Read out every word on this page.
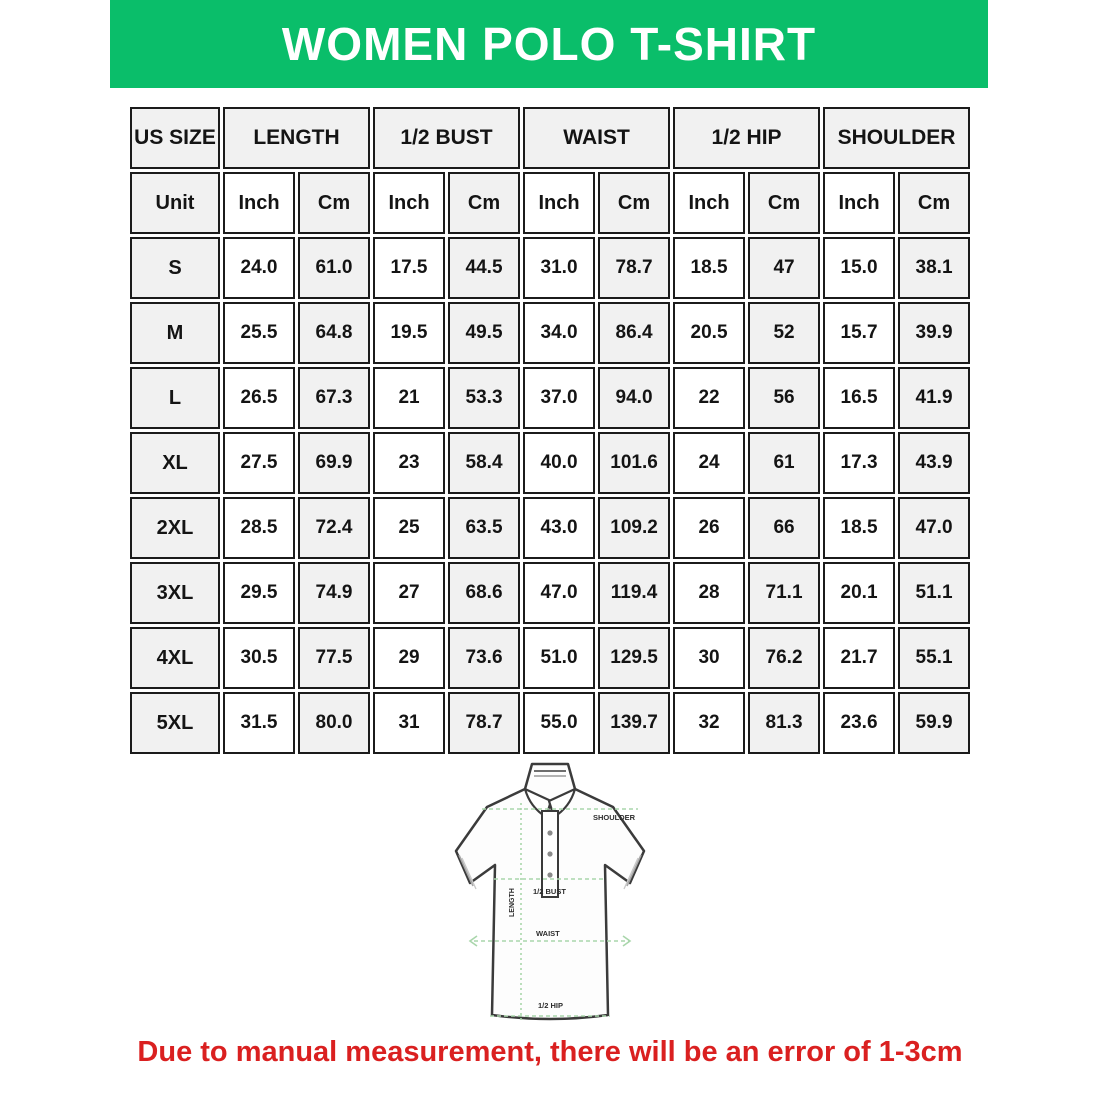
WOMEN POLO T-SHIRT
US SIZE	LENGTH		1/2 BUST		WAIST		1/2 HIP		SHOULDER	
Unit	Inch	Cm	Inch	Cm	Inch	Cm	Inch	Cm	Inch	Cm
S	24.0	61.0	17.5	44.5	31.0	78.7	18.5	47	15.0	38.1
M	25.5	64.8	19.5	49.5	34.0	86.4	20.5	52	15.7	39.9
L	26.5	67.3	21	53.3	37.0	94.0	22	56	16.5	41.9
XL	27.5	69.9	23	58.4	40.0	101.6	24	61	17.3	43.9
2XL	28.5	72.4	25	63.5	43.0	109.2	26	66	18.5	47.0
3XL	29.5	74.9	27	68.6	47.0	119.4	28	71.1	20.1	51.1
4XL	30.5	77.5	29	73.6	51.0	129.5	30	76.2	21.7	55.1
5XL	31.5	80.0	31	78.7	55.0	139.7	32	81.3	23.6	59.9
SHOULDER
LENGTH 1/2 BUST
WAIST
1/2 HIP
Due to manual measurement, there will be an error of 1-3cm
